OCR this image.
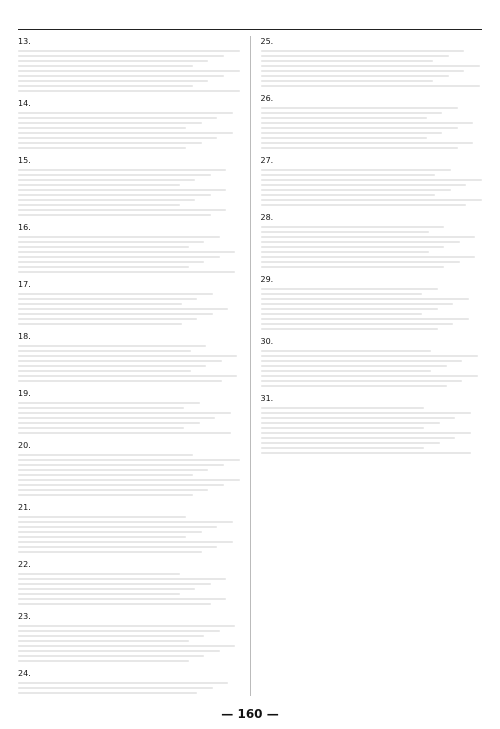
13.
14.
15.
16.
17.
18.
19.
20.
21.
22.
23.
24.
25.
26.
27.
28.
29.
30.
31.
— 160 —
